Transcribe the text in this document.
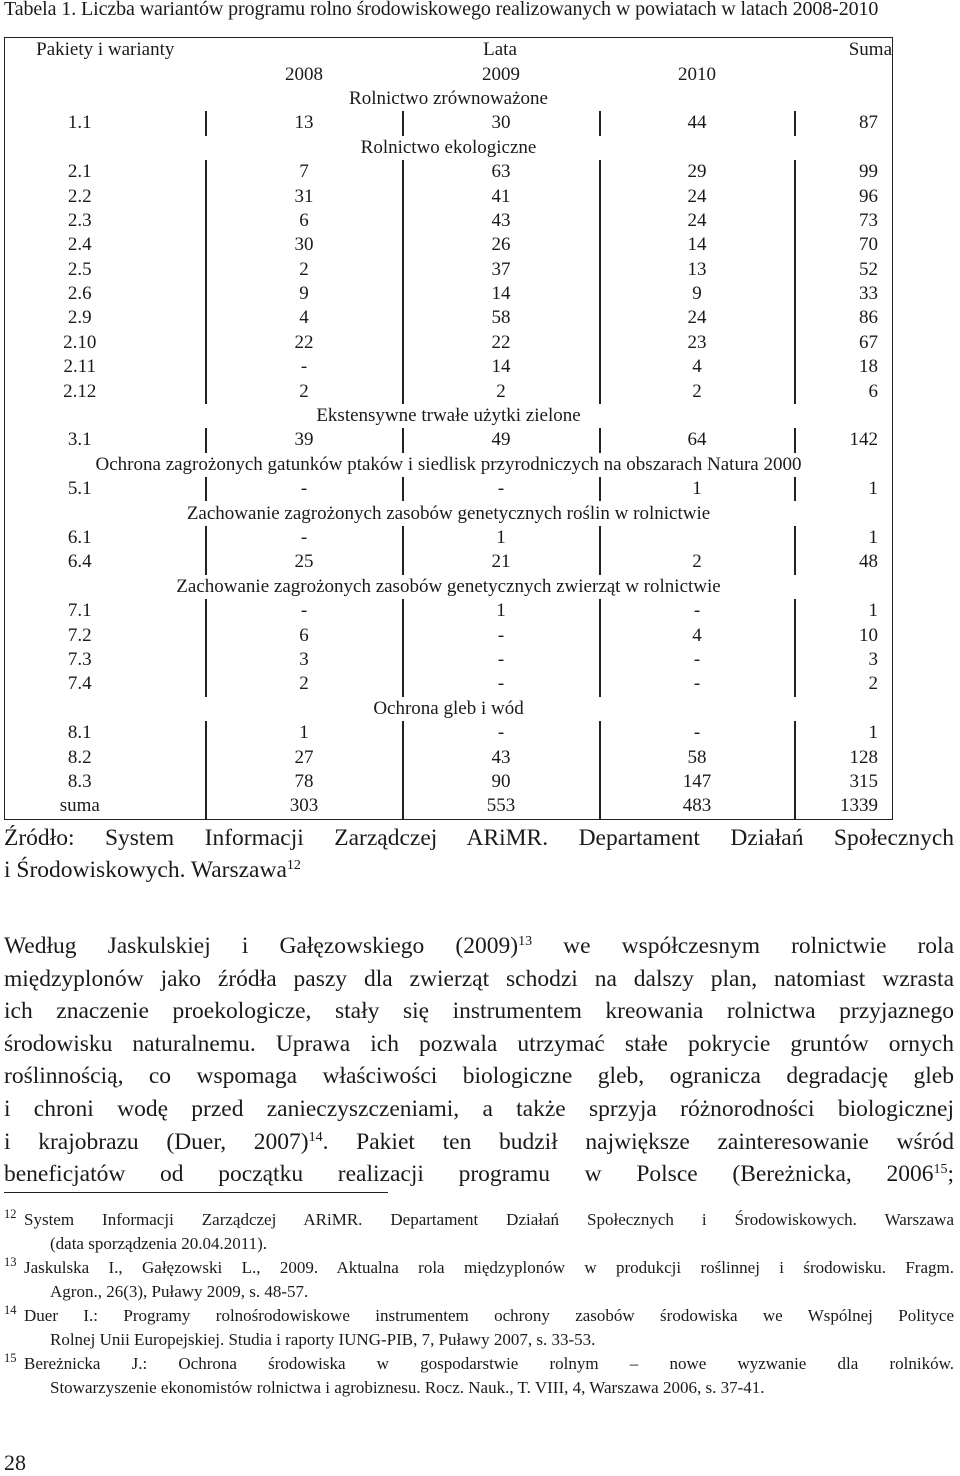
Tabela 1. Liczba wariantów programu rolno środowiskowego realizowanych w powiatach w latach 2008-2010
Pakiety i warianty	Lata			Suma
	2008	2009	2010	
Rolnictwo zrównoważone				
1.1	13	30	44	87
Rolnictwo ekologiczne				
2.1	7	63	29	99
2.2	31	41	24	96
2.3	6	43	24	73
2.4	30	26	14	70
2.5	2	37	13	52
2.6	9	14	9	33
2.9	4	58	24	86
2.10	22	22	23	67
2.11	-	14	4	18
2.12	2	2	2	6
Ekstensywne trwałe użytki zielone				
3.1	39	49	64	142
Ochrona zagrożonych gatunków ptaków i siedlisk przyrodniczych na obszarach Natura 2000				
5.1	-	-	1	1
Zachowanie zagrożonych zasobów genetycznych roślin w rolnictwie				
6.1	-	1		1
6.4	25	21	2	48
Zachowanie zagrożonych zasobów genetycznych zwierząt w rolnictwie				
7.1	-	1	-	1
7.2	6	-	4	10
7.3	3	-	-	3
7.4	2	-	-	2
Ochrona gleb i wód				
8.1	1	-	-	1
8.2	27	43	58	128
8.3	78	90	147	315
suma	303	553	483	1339
Źródło: System Informacji Zarządczej ARiMR. Departament Działań Społecznych
i Środowiskowych. Warszawa$^{12}$
Według Jaskulskiej i Gałęzowskiego $(2009)^{13}$ we współczesnym rolnictwie rola
międzyplonów jako źródła paszy dla zwierząt schodzi na dalszy plan, natomiast wzrasta
ich znaczenie proekologicze, stały się instrumentem kreowania rolnictwa przyjaznego
środowisku naturalnemu. Uprawa ich pozwala utrzymać stałe pokrycie gruntów ornych
roślinnością, co wspomaga właściwości biologiczne gleb, ogranicza degradację gleb
i chroni wodę przed zanieczyszczeniami, a także sprzyja różnorodności biologicznej
i krajobrazu (Duer, 2007)$^{14}$. Pakiet ten budził największe zainteresowanie wśród
beneficjatów od początku realizacji programu w Polsce (Bereżnicka, 2006$^{15}$;
12 System Informacji Zarządczej ARiMR. Departament Działań Społecznych i Środowiskowych. Warszawa
(data sporządzenia 20.04.2011).
13 Jaskulska I., Gałęzowski L., 2009. Aktualna rola międzyplonów w produkcji roślinnej i środowisku. Fragm.
Agron., 26(3), Puławy 2009, s. 48-57.
14 Duer I.: Programy rolnośrodowiskowe instrumentem ochrony zasobów środowiska we Wspólnej Polityce
Rolnej Unii Europejskiej. Studia i raporty IUNG-PIB, 7, Puławy 2007, s. 33-53.
15 Bereżnicka J.: Ochrona środowiska w gospodarstwie rolnym – nowe wyzwanie dla rolników.
Stowarzyszenie ekonomistów rolnictwa i agrobiznesu. Rocz. Nauk., T. VIII, 4, Warszawa 2006, s. 37-41.
28
